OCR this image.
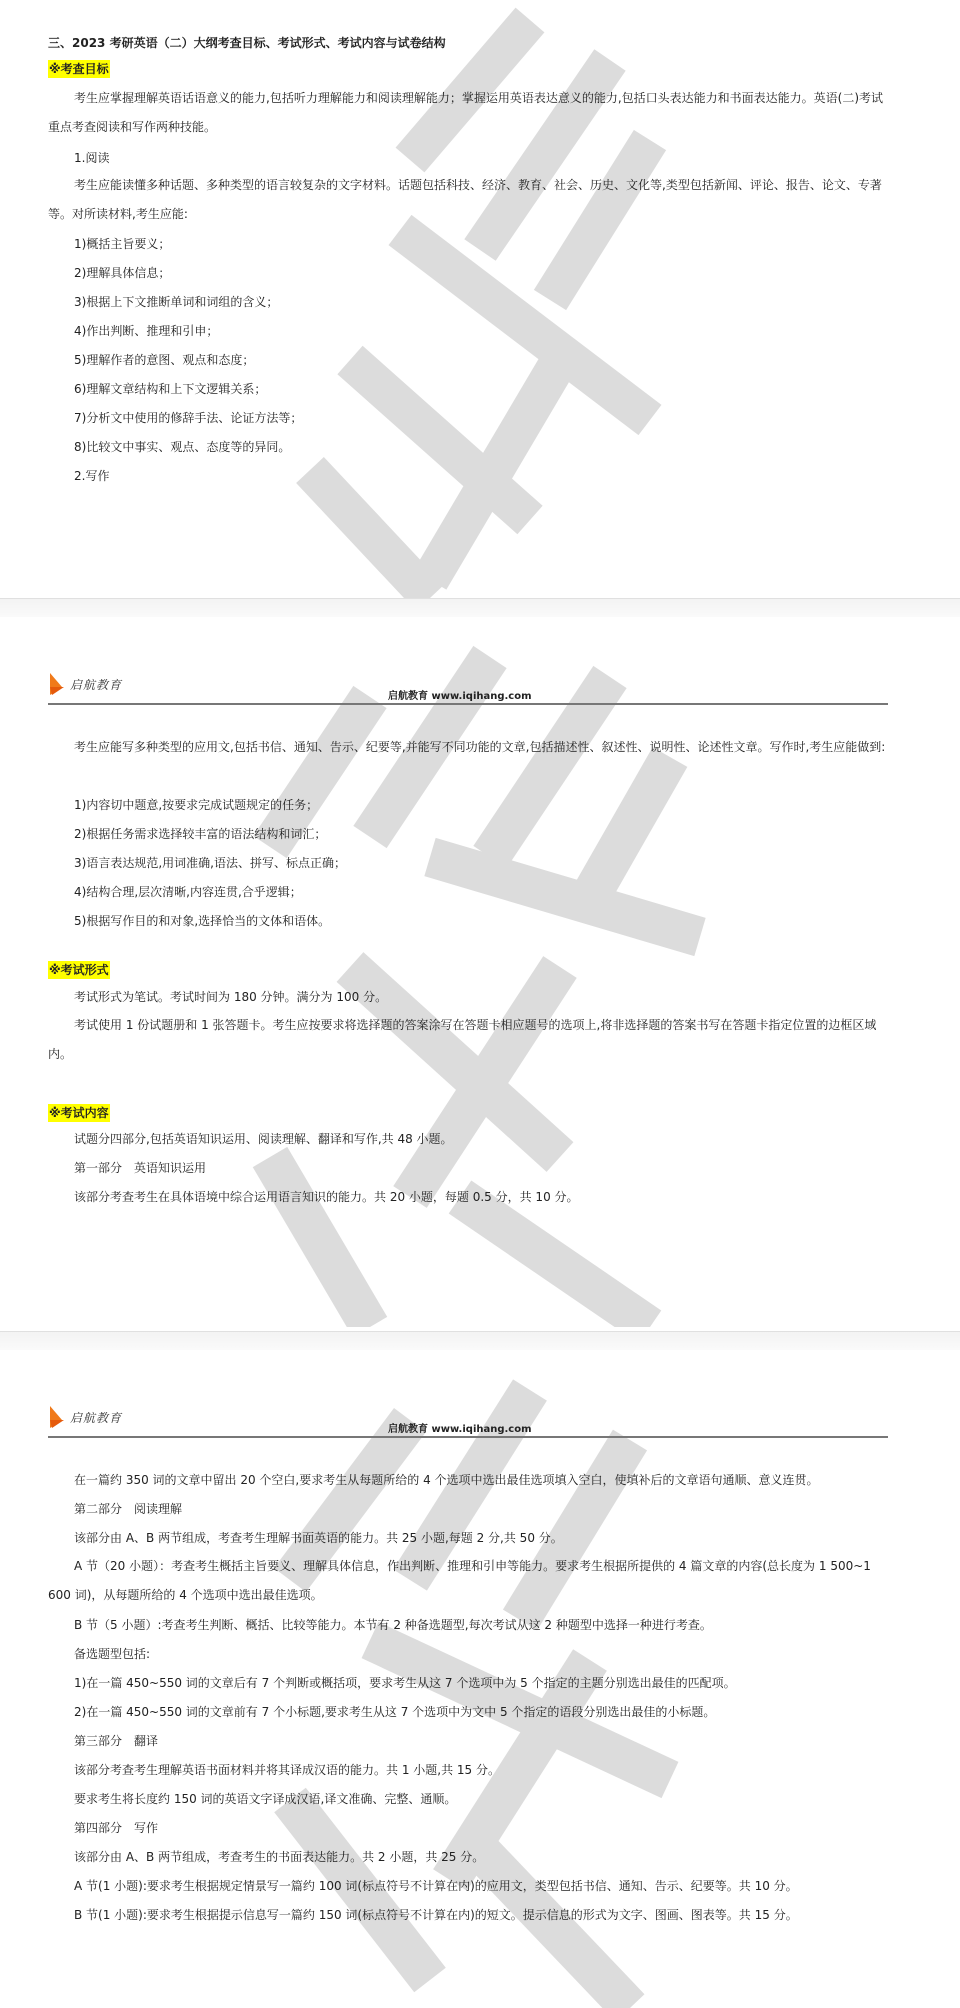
三、2023 考研英语（二）大纲考查目标、考试形式、考试内容与试卷结构
※考查目标
考生应掌握理解英语话语意义的能力,包括听力理解能力和阅读理解能力；掌握运用英语表达意义的能力,包括口头表达能力和书面表达能力。英语(二)考试重点考查阅读和写作两种技能。
1.阅读
考生应能读懂多种话题、多种类型的语言较复杂的文字材料。话题包括科技、经济、教育、社会、历史、文化等,类型包括新闻、评论、报告、论文、专著等。对所读材料,考生应能:
1)概括主旨要义；
2)理解具体信息；
3)根据上下文推断单词和词组的含义；
4)作出判断、推理和引申；
5)理解作者的意图、观点和态度；
6)理解文章结构和上下文逻辑关系；
7)分析文中使用的修辞手法、论证方法等；
8)比较文中事实、观点、态度等的异同。
2.写作
启航教育
启航教育 www.iqihang.com
考生应能写多种类型的应用文,包括书信、通知、告示、纪要等,并能写不同功能的文章,包括描述性、叙述性、说明性、论述性文章。写作时,考生应能做到:
1)内容切中题意,按要求完成试题规定的任务；
2)根据任务需求选择较丰富的语法结构和词汇；
3)语言表达规范,用词准确,语法、拼写、标点正确；
4)结构合理,层次清晰,内容连贯,合乎逻辑；
5)根据写作目的和对象,选择恰当的文体和语体。
※考试形式
考试形式为笔试。考试时间为 180 分钟。满分为 100 分。
考试使用 1 份试题册和 1 张答题卡。考生应按要求将选择题的答案涂写在答题卡相应题号的选项上,将非选择题的答案书写在答题卡指定位置的边框区域内。
※考试内容
试题分四部分,包括英语知识运用、阅读理解、翻译和写作,共 48 小题。
第一部分　英语知识运用
该部分考查考生在具体语境中综合运用语言知识的能力。共 20 小题，每题 0.5 分，共 10 分。
启航教育
启航教育 www.iqihang.com
在一篇约 350 词的文章中留出 20 个空白,要求考生从每题所给的 4 个选项中选出最佳选项填入空白，使填补后的文章语句通顺、意义连贯。
第二部分　阅读理解
该部分由 A、B 两节组成，考查考生理解书面英语的能力。共 25 小题,每题 2 分,共 50 分。
A 节（20 小题）：考查考生概括主旨要义、理解具体信息，作出判断、推理和引申等能力。要求考生根据所提供的 4 篇文章的内容(总长度为 1 500~1 600 词)，从每题所给的 4 个选项中选出最佳选项。
B 节（5 小题）:考查考生判断、概括、比较等能力。本节有 2 种备选题型,每次考试从这 2 种题型中选择一种进行考查。
备选题型包括:
1)在一篇 450~550 词的文章后有 7 个判断或概括项，要求考生从这 7 个选项中为 5 个指定的主题分别选出最佳的匹配项。
2)在一篇 450~550 词的文章前有 7 个小标题,要求考生从这 7 个选项中为文中 5 个指定的语段分别选出最佳的小标题。
第三部分　翻译
该部分考查考生理解英语书面材料并将其译成汉语的能力。共 1 小题,共 15 分。
要求考生将长度约 150 词的英语文字译成汉语,译文准确、完整、通顺。
第四部分　写作
该部分由 A、B 两节组成，考查考生的书面表达能力。共 2 小题，共 25 分。
A 节(1 小题):要求考生根据规定情景写一篇约 100 词(标点符号不计算在内)的应用文，类型包括书信、通知、告示、纪要等。共 10 分。
B 节(1 小题):要求考生根据提示信息写一篇约 150 词(标点符号不计算在内)的短文。提示信息的形式为文字、图画、图表等。共 15 分。
